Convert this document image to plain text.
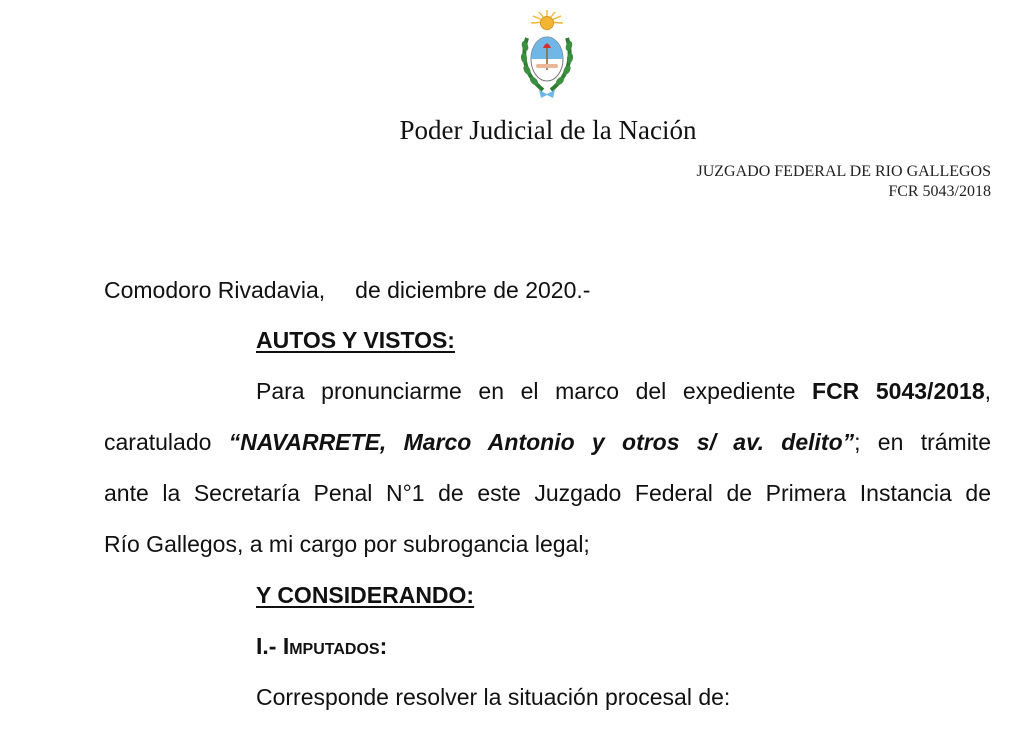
Poder Judicial de la Nación
JUZGADO FEDERAL DE RIO GALLEGOS
FCR 5043/2018
Comodoro Rivadavia, de diciembre de 2020.-
AUTOS Y VISTOS:
Para pronunciarme en el marco del expediente FCR 5043/2018,
caratulado “NAVARRETE, Marco Antonio y otros s/ av. delito”; en trámite
ante la Secretaría Penal N°1 de este Juzgado Federal de Primera Instancia de
Río Gallegos, a mi cargo por subrogancia legal;
Y CONSIDERANDO:
I.- Imputados:
Corresponde resolver la situación procesal de:
